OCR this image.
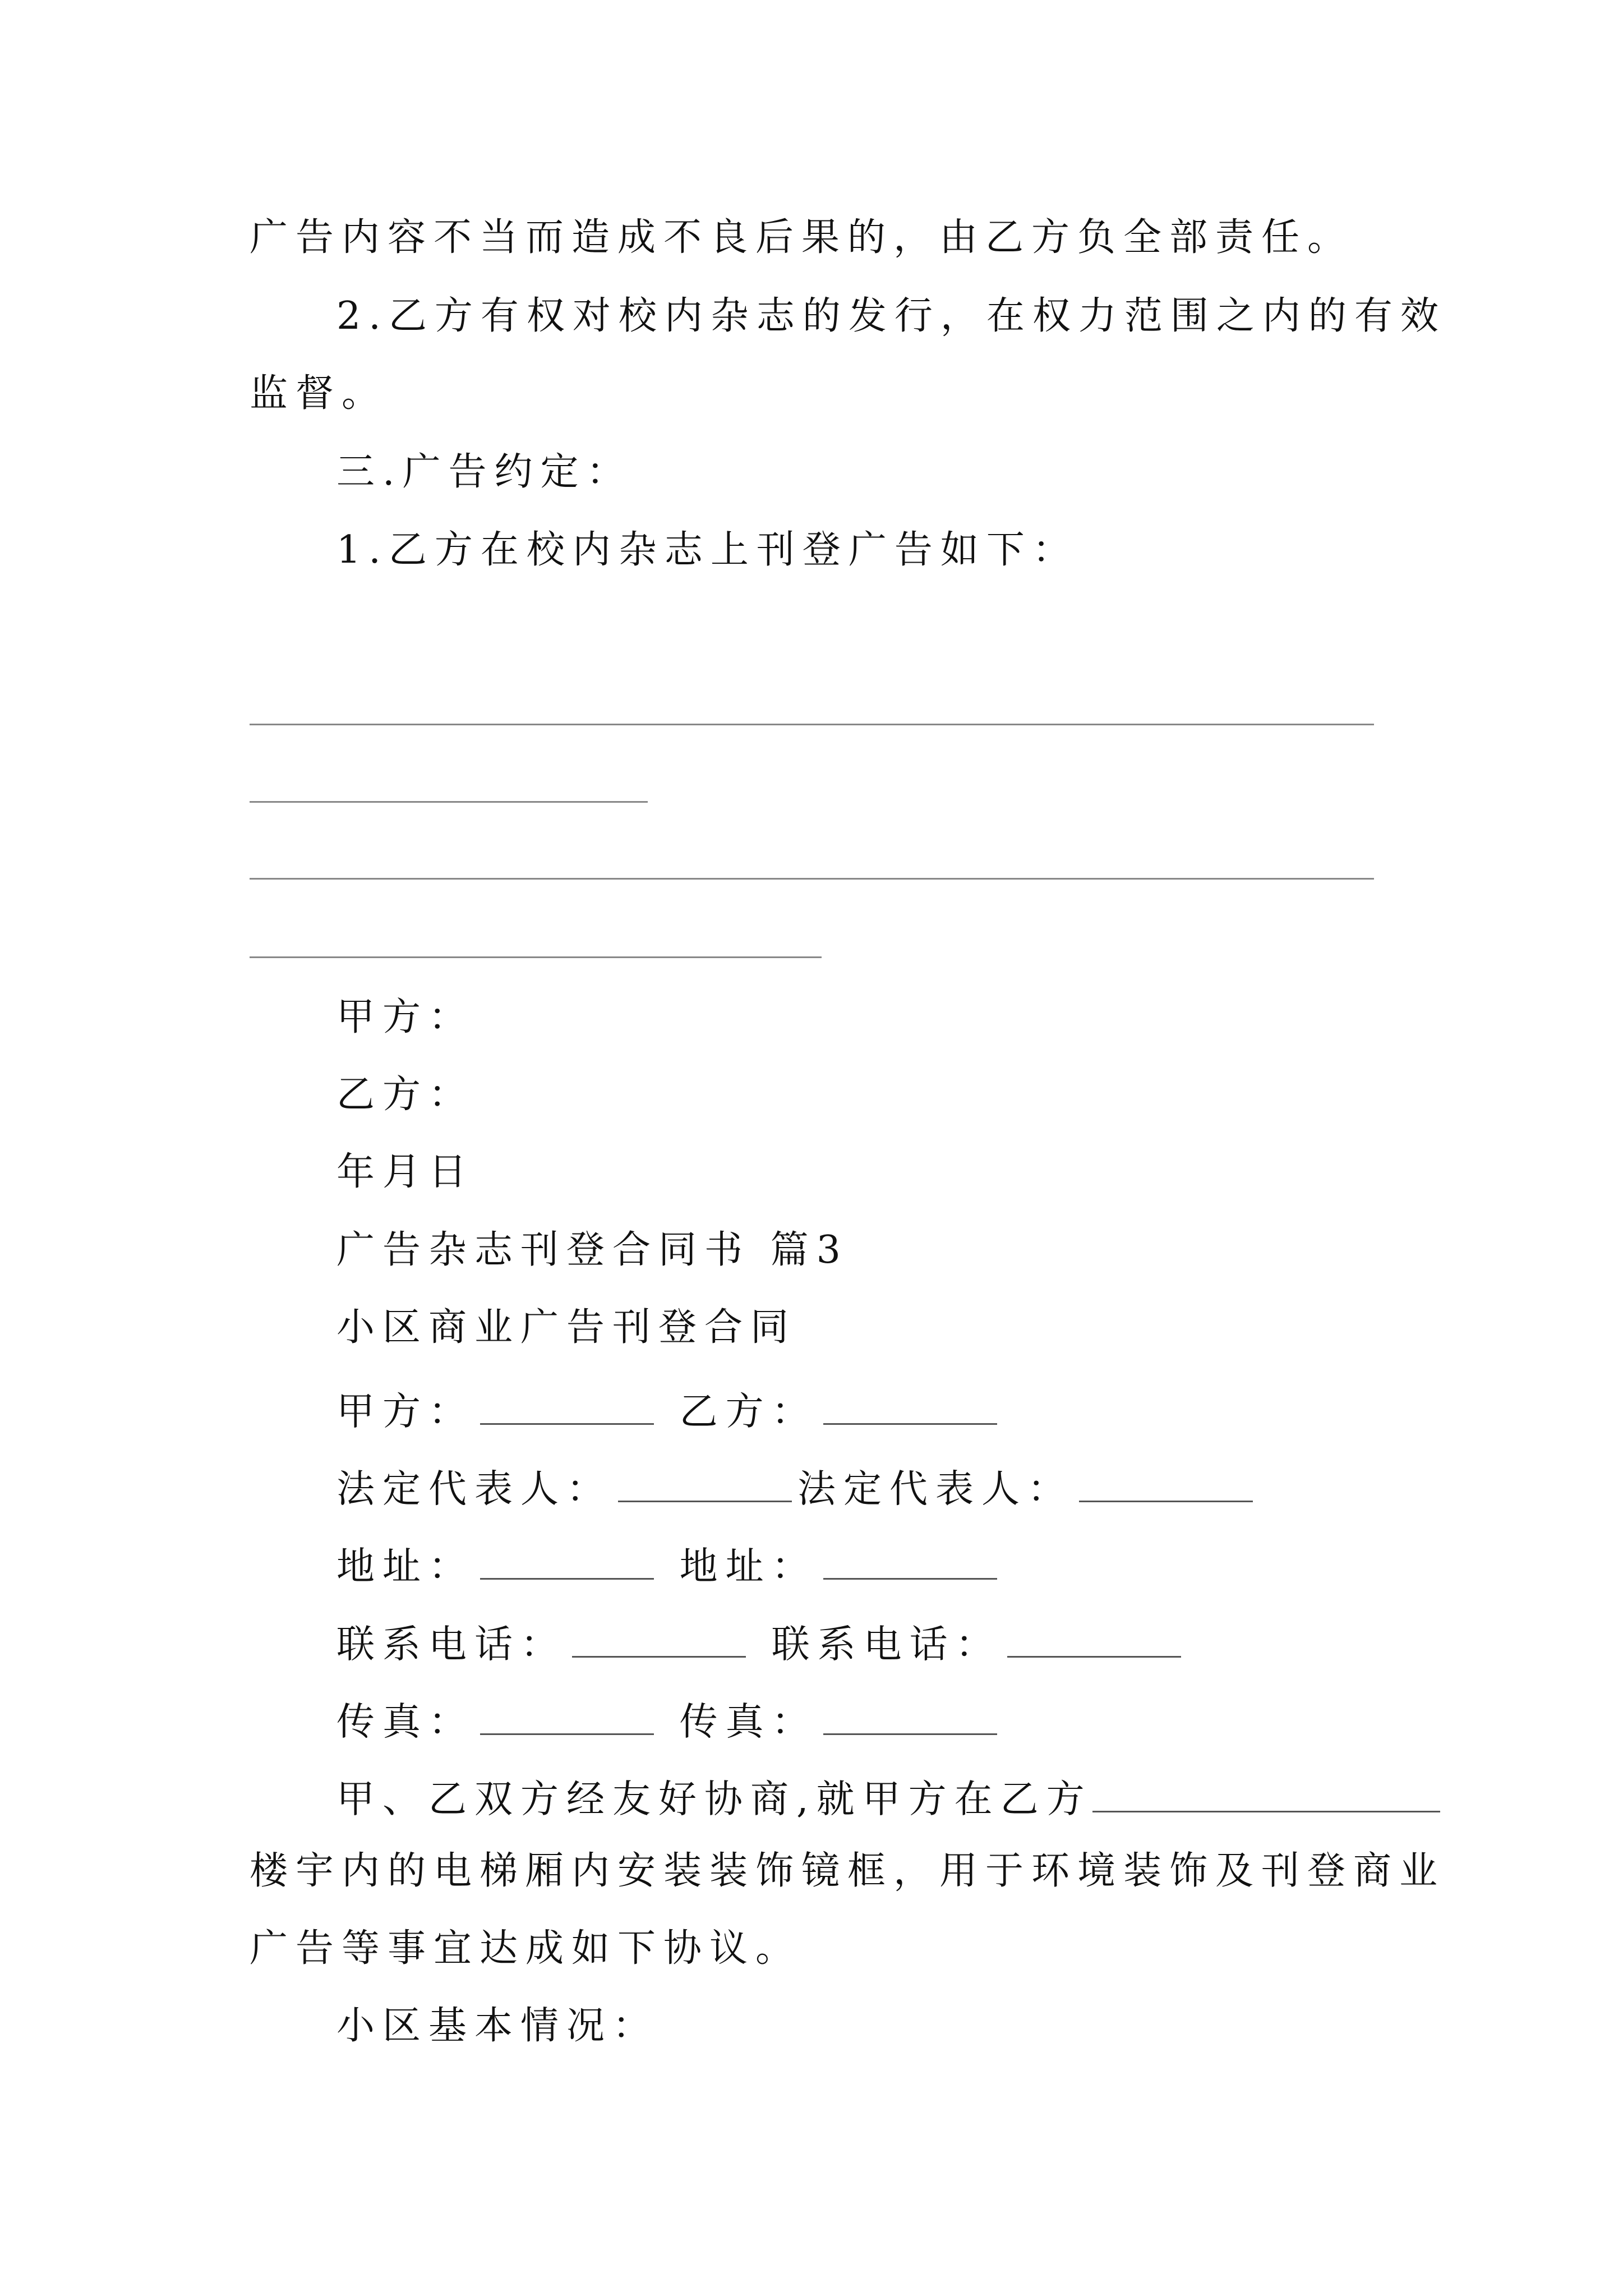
广告内容不当而造成不良后果的，由乙方负全部责任。
2.乙方有权对校内杂志的发行，在权力范围之内的有效
监督。
三.广告约定：
1.乙方在校内杂志上刊登广告如下：
甲方：
乙方：
年月日
广告杂志刊登合同书 篇3
小区商业广告刊登合同
甲方：	乙方：
法定代表人：	法定代表人：
地址：	地址：
联系电话：	联系电话：
传真：	传真：
甲、乙双方经友好协商,就甲方在乙方
楼宇内的电梯厢内安装装饰镜框，用于环境装饰及刊登商业
广告等事宜达成如下协议。
小区基本情况：
